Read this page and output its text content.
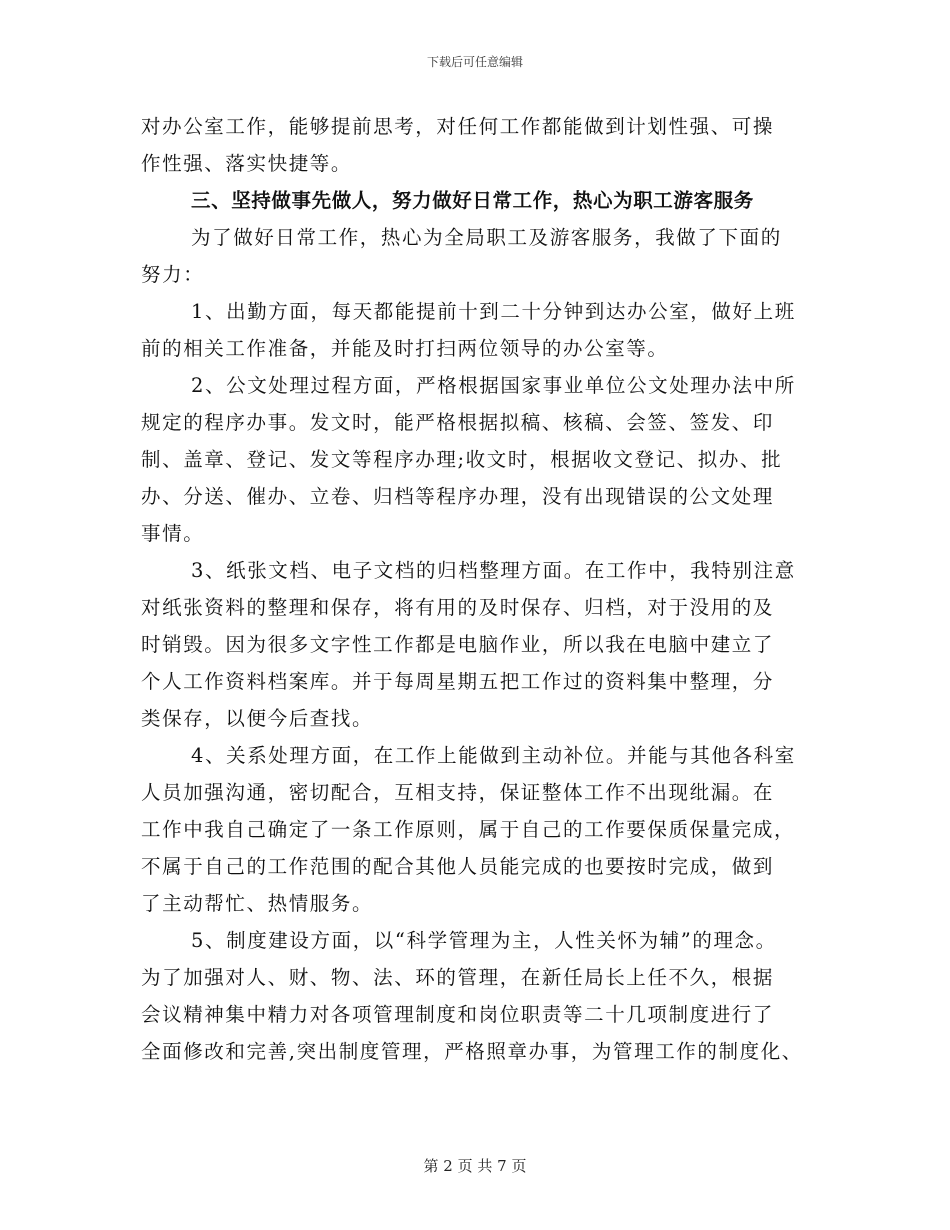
下载后可任意编辑
对办公室工作，能够提前思考，对任何工作都能做到计划性强、可操
作性强、落实快捷等。
三、坚持做事先做人，努力做好日常工作，热心为职工游客服务
为了做好日常工作，热心为全局职工及游客服务，我做了下面的
努力：
1、出勤方面，每天都能提前十到二十分钟到达办公室，做好上班
前的相关工作准备，并能及时打扫两位领导的办公室等。
2、公文处理过程方面，严格根据国家事业单位公文处理办法中所
规定的程序办事。发文时，能严格根据拟稿、核稿、会签、签发、印
制、盖章、登记、发文等程序办理;收文时，根据收文登记、拟办、批
办、分送、催办、立卷、归档等程序办理，没有出现错误的公文处理
事情。
3、纸张文档、电子文档的归档整理方面。在工作中，我特别注意
对纸张资料的整理和保存，将有用的及时保存、归档，对于没用的及
时销毁。因为很多文字性工作都是电脑作业，所以我在电脑中建立了
个人工作资料档案库。并于每周星期五把工作过的资料集中整理，分
类保存，以便今后查找。
4、关系处理方面，在工作上能做到主动补位。并能与其他各科室
人员加强沟通，密切配合，互相支持，保证整体工作不出现纰漏。在
工作中我自己确定了一条工作原则，属于自己的工作要保质保量完成，
不属于自己的工作范围的配合其他人员能完成的也要按时完成，做到
了主动帮忙、热情服务。
5、制度建设方面，以“科学管理为主，人性关怀为辅”的理念。
为了加强对人、财、物、法、环的管理，在新任局长上任不久，根据
会议精神集中精力对各项管理制度和岗位职责等二十几项制度进行了
全面修改和完善,突出制度管理，严格照章办事，为管理工作的制度化、
第 2 页 共 7 页
